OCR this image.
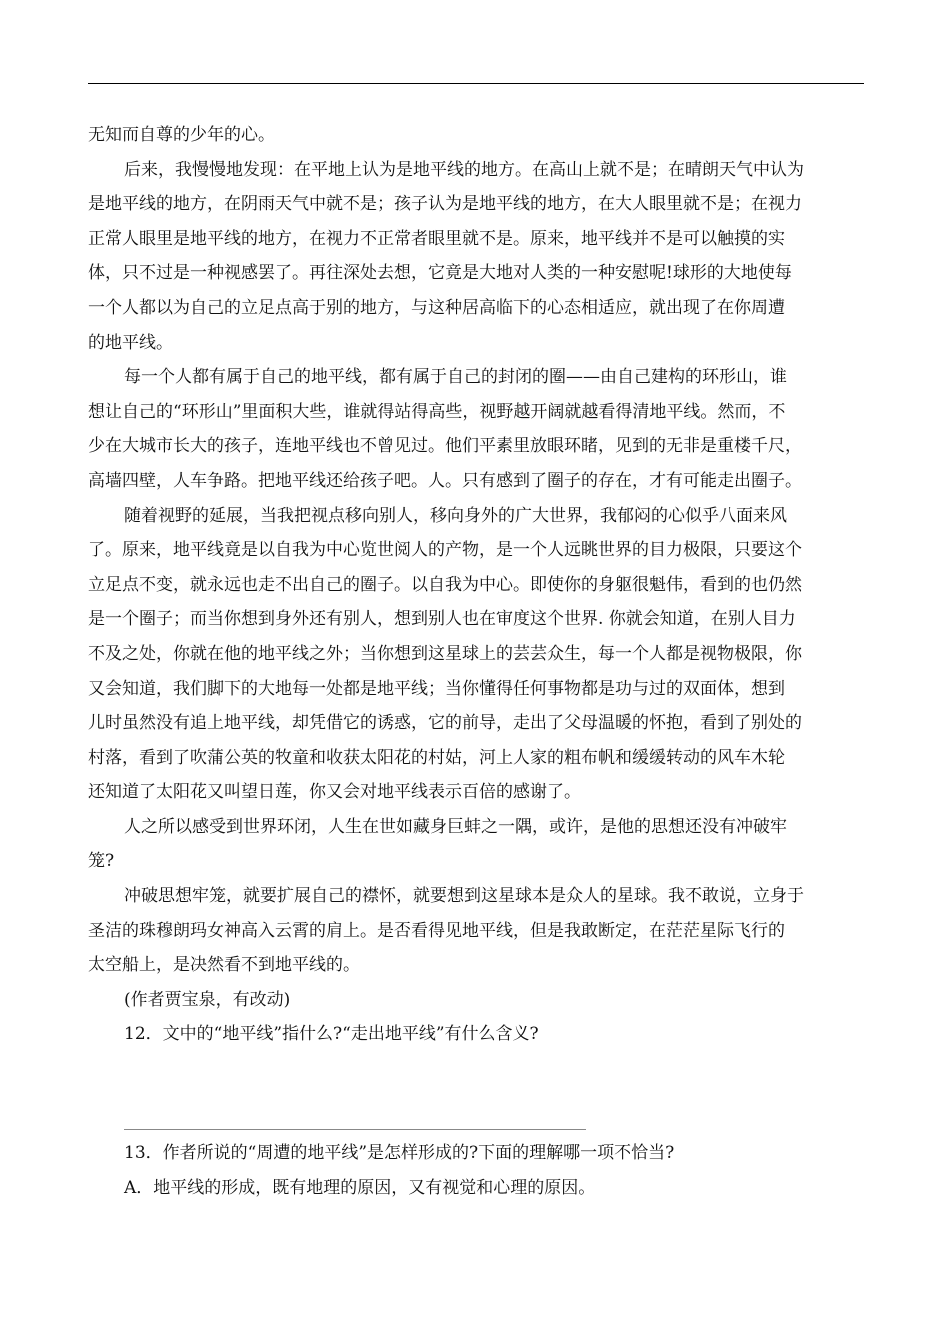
无知而自尊的少年的心。
后来，我慢慢地发现：在平地上认为是地平线的地方。在高山上就不是；在晴朗天气中认为
是地平线的地方，在阴雨天气中就不是；孩子认为是地平线的地方，在大人眼里就不是；在视力
正常人眼里是地平线的地方，在视力不正常者眼里就不是。原来，地平线并不是可以触摸的实
体，只不过是一种视感罢了。再往深处去想，它竟是大地对人类的一种安慰呢!球形的大地使每
一个人都以为自己的立足点高于别的地方，与这种居高临下的心态相适应，就出现了在你周遭
的地平线。
每一个人都有属于自己的地平线，都有属于自己的封闭的圈——由自己建构的环形山，谁
想让自己的“环形山”里面积大些，谁就得站得高些，视野越开阔就越看得清地平线。然而，不
少在大城市长大的孩子，连地平线也不曾见过。他们平素里放眼环睹，见到的无非是重楼千尺，
高墙四壁，人车争路。把地平线还给孩子吧。人。只有感到了圈子的存在，才有可能走出圈子。
随着视野的延展，当我把视点移向别人，移向身外的广大世界，我郁闷的心似乎八面来风
了。原来，地平线竟是以自我为中心览世阅人的产物，是一个人远眺世界的目力极限，只要这个
立足点不变，就永远也走不出自己的圈子。以自我为中心。即使你的身躯很魁伟，看到的也仍然
是一个圈子；而当你想到身外还有别人，想到别人也在审度这个世界. 你就会知道，在别人目力
不及之处，你就在他的地平线之外；当你想到这星球上的芸芸众生，每一个人都是视物极限，你
又会知道，我们脚下的大地每一处都是地平线；当你懂得任何事物都是功与过的双面体，想到
儿时虽然没有追上地平线，却凭借它的诱惑，它的前导，走出了父母温暖的怀抱，看到了别处的
村落，看到了吹蒲公英的牧童和收获太阳花的村姑，河上人家的粗布帆和缓缓转动的风车木轮
还知道了太阳花又叫望日莲，你又会对地平线表示百倍的感谢了。
人之所以感受到世界环闭，人生在世如藏身巨蚌之一隅，或许，是他的思想还没有冲破牢
笼?
冲破思想牢笼，就要扩展自己的襟怀，就要想到这星球本是众人的星球。我不敢说，立身于
圣洁的珠穆朗玛女神高入云霄的肩上。是否看得见地平线，但是我敢断定，在茫茫星际飞行的
太空船上，是决然看不到地平线的。
(作者贾宝泉，有改动)
12．文中的“地平线”指什么?“走出地平线”有什么含义?
13．作者所说的“周遭的地平线”是怎样形成的?下面的理解哪一项不恰当?
A．地平线的形成，既有地理的原因，又有视觉和心理的原因。
